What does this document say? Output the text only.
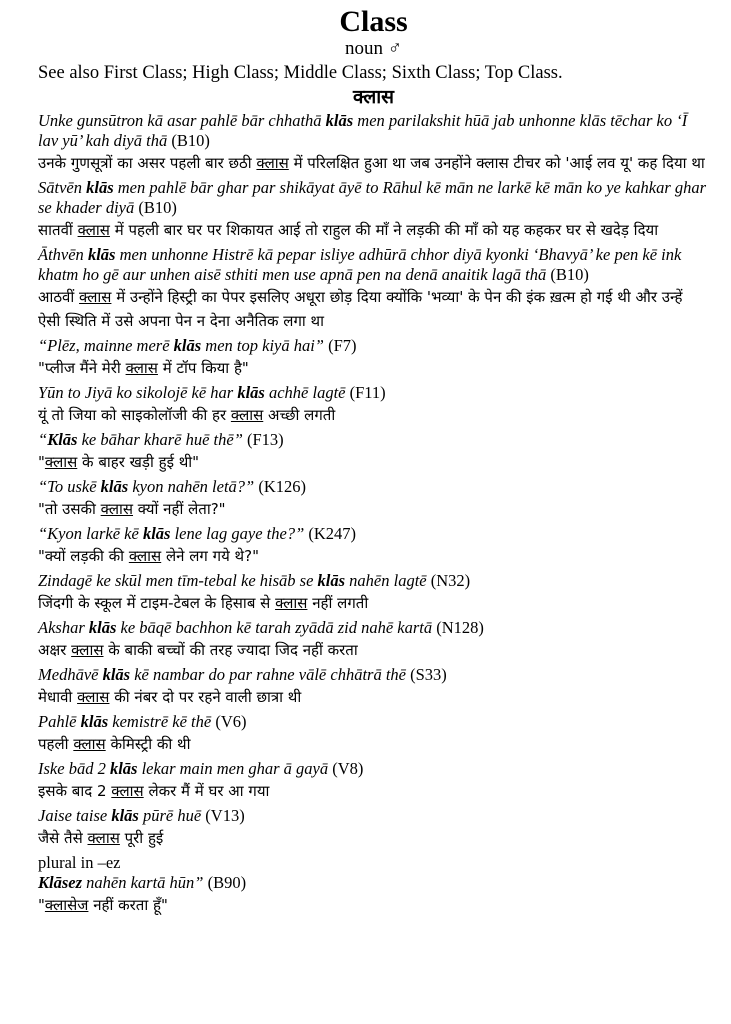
Class
noun ♂
See also First Class; High Class; Middle Class; Sixth Class; Top Class.
क्लास
Unke gunsūtron kā asar pahlē bār chhathā klās men parilakshit hūā jab unhonne klās tēchar ko ‘Ī lav yū’ kah diyā thā (B10)
उनके गुणसूत्रों का असर पहली बार छठी क्लास में परिलक्षित हुआ था जब उनहोंने क्लास टीचर को 'आई लव यू' कह दिया था
Sātvēn klās men pahlē bār ghar par shikāyat āyē to Rāhul kē mān ne larkē kē mān ko ye kahkar ghar se khader diyā (B10)
सातवीं क्लास में पहली बार घर पर शिकायत आई तो राहुल की माँ ने लड़की की माँ को यह कहकर घर से खदेड़ दिया
Āthvēn klās men unhonne Histrē kā pepar isliye adhūrā chhor diyā kyonki ‘Bhavyā’ ke pen kē ink khatm ho gē aur unhen aisē sthiti men use apnā pen na denā anaitik lagā thā (B10)
आठवीं क्लास में उन्होंने हिस्ट्री का पेपर इसलिए अधूरा छोड़ दिया क्योंकि 'भव्या' के पेन की इंक ख़त्म हो गई थी और उन्हें ऐसी स्थिति में उसे अपना पेन न देना अनैतिक लगा था
“Plēz, mainne merē klās men top kiyā hai” (F7)
"प्लीज मैंने मेरी क्लास में टॉप किया है"
Yūn to Jiyā ko sikolojē kē har klās achhē lagtē (F11)
यूं तो जिया को साइकोलॉजी की हर क्लास अच्छी लगती
“Klās ke bāhar kharē huē thē” (F13)
"क्लास के बाहर खड़ी हुई थी"
“To uskē klās kyon nahēn letā?” (K126)
"तो उसकी क्लास क्यों नहीं लेता?"
“Kyon larkē kē klās lene lag gaye the?” (K247)
"क्यों लड़की की क्लास लेने लग गये थे?"
Zindagē ke skūl men tīm-tebal ke hisāb se klās nahēn lagtē (N32)
जिंदगी के स्कूल में टाइम-टेबल के हिसाब से क्लास नहीं लगती
Akshar klās ke bāqē bachhon kē tarah zyādā zid nahē kartā (N128)
अक्षर क्लास के बाकी बच्चों की तरह ज्यादा जिद नहीं करता
Medhāvē klās kē nambar do par rahne vālē chhātrā thē (S33)
मेधावी क्लास की नंबर दो पर रहने वाली छात्रा थी
Pahlē klās kemistrē kē thē (V6)
पहली क्लास केमिस्ट्री की थी
Iske bād 2 klās lekar main men ghar ā gayā (V8)
इसके बाद 2 क्लास लेकर मैं में घर आ गया
Jaise taise klās pūrē huē (V13)
जैसे तैसे क्लास पूरी हुई
plural in –ez
Klāsez nahēn kartā hūn” (B90)
"क्लासेज नहीं करता हूँ"
